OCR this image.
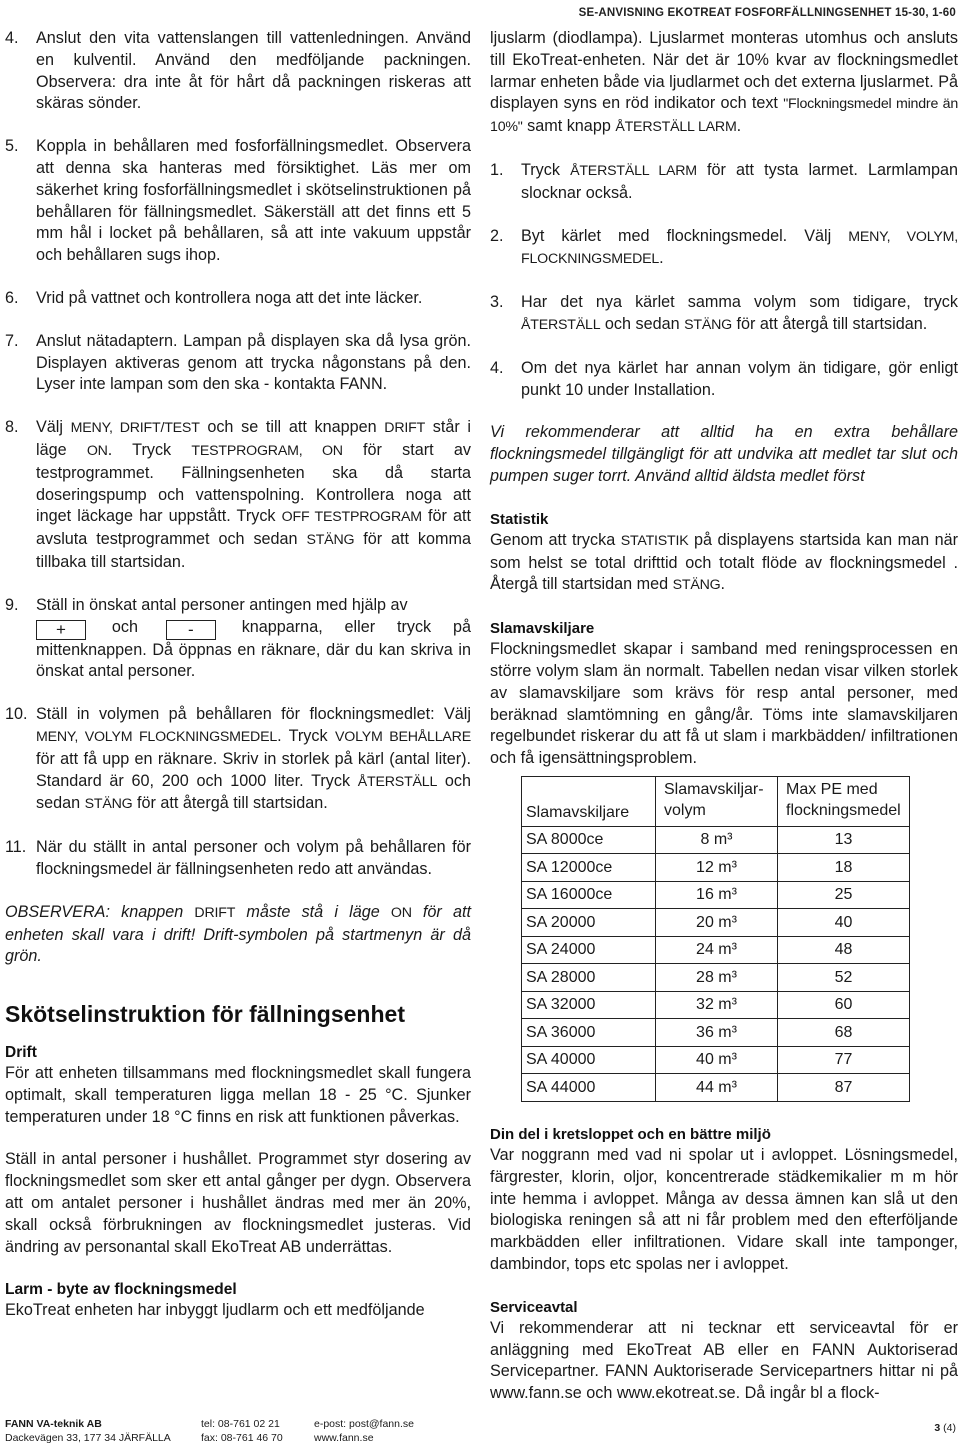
SE-ANVISNING EKOTREAT FOSFORFÄLLNINGSENHET 15-30, 1-60
4. Anslut den vita vattenslangen till vattenledningen. Använd en kulventil. Använd den medföljande packningen. Observera: dra inte åt för hårt då packningen riskeras att skäras sönder.
5. Koppla in behållaren med fosforfällningsmedlet. Observera att denna ska hanteras med försiktighet. Läs mer om säkerhet kring fosforfällningsmedlet i skötselinstruktionen på behållaren för fällningsmedlet. Säkerställ att det finns ett 5 mm hål i locket på behållaren, så att inte vakuum uppstår och behållaren sugs ihop.
6. Vrid på vattnet och kontrollera noga att det inte läcker.
7. Anslut nätadaptern. Lampan på displayen ska då lysa grön. Displayen aktiveras genom att trycka någonstans på den. Lyser inte lampan som den ska - kontakta FANN.
8. Välj MENY, DRIFT/TEST och se till att knappen DRIFT står i läge ON. Tryck TESTPROGRAM, ON för start av testprogrammet. Fällningsenheten ska då starta doseringspump och vattenspolning. Kontrollera noga att inget läckage har uppstått. Tryck OFF TESTPROGRAM för att avsluta testprogrammet och sedan STÄNG för att komma tillbaka till startsidan.
9. Ställ in önskat antal personer antingen med hjälp av
+	och	-	knapparna, eller tryck på mittenknappen. Då öppnas en räknare, där du kan skriva in önskat antal personer.
10. Ställ in volymen på behållaren för flockningsmedlet: Välj MENY, VOLYM FLOCKNINGSMEDEL. Tryck VOLYM BEHÅLLARE för att få upp en räknare. Skriv in storlek på kärl (antal liter). Standard är 60, 200 och 1000 liter. Tryck ÅTERSTÄLL och sedan STÄNG för att återgå till startsidan.
11. När du ställt in antal personer och volym på behållaren för flockningsmedel är fällningsenheten redo att användas.

OBSERVERA: knappen DRIFT måste stå i läge ON för att enheten skall vara i drift! Drift-symbolen på startmenyn är då grön.

Skötselinstruktion för fällningsenhet
Drift

För att enheten tillsammans med flockningsmedlet skall fungera optimalt, skall temperaturen ligga mellan 18 - 25 °C. Sjunker temperaturen under 18 °C finns en risk att funktionen påverkas.

Ställ in antal personer i hushållet. Programmet styr dosering av flockningsmedlet som sker ett antal gånger per dygn. Observera att om antalet personer i hushållet ändras med mer än 20%, skall också förbrukningen av flockningsmedlet justeras. Vid ändring av personantal skall EkoTreat AB underrättas.

Larm - byte av flockningsmedel

EkoTreat enheten har inbyggt ljudlarm och ett medföljande

ljuslarm (diodlampa). Ljuslarmet monteras utomhus och ansluts till EkoTreat-enheten. När det är 10% kvar av flockningsmedlet larmar enheten både via ljudlarmet och det externa ljuslarmet. På displayen syns en röd indikator och text "Flockningsmedel mindre än 10%" samt knapp ÅTERSTÄLL LARM.

1. Tryck ÅTERSTÄLL LARM för att tysta larmet. Larmlampan slocknar också.
2. Byt kärlet med flockningsmedel. Välj MENY, VOLYM, FLOCKNINGSMEDEL.
3. Har det nya kärlet samma volym som tidigare, tryck ÅTERSTÄLL och sedan STÄNG för att återgå till startsidan.
4. Om det nya kärlet har annan volym än tidigare, gör enligt punkt 10 under Installation.

Vi rekommenderar att alltid ha en extra behållare flockningsmedel tillgängligt för att undvika att medlet tar slut och pumpen suger torrt. Använd alltid äldsta medlet först

Statistik

Genom att trycka STATISTIK på displayens startsida kan man när som helst se total drifttid och totalt flöde av flockningsmedel . Återgå till startsidan med STÄNG.

Slamavskiljare

Flockningsmedlet skapar i samband med reningsprocessen en större volym slam än normalt. Tabellen nedan visar vilken storlek av slamavskiljare som krävs för resp antal personer, med beräknad slamtömning en gång/år. Töms inte slamavskiljaren regelbundet riskerar du att få ut slam i markbädden/ infiltrationen och få igensättningsproblem.

Slamavskiljare	Slamavskiljar-volym	Max PE med flockningsmedel
SA 8000ce	8 m³	13
SA 12000ce	12 m³	18
SA 16000ce	16 m³	25
SA 20000	20 m³	40
SA 24000	24 m³	48
SA 28000	28 m³	52
SA 32000	32 m³	60
SA 36000	36 m³	68
SA 40000	40 m³	77
SA 44000	44 m³	87
Din del i kretsloppet och en bättre miljö

Var noggrann med vad ni spolar ut i avloppet. Lösningsmedel, färgrester, klorin, oljor, koncentrerade städkemikalier m m hör inte hemma i avloppet. Många av dessa ämnen kan slå ut den biologiska reningen så att ni får problem med den efterföljande markbädden eller infiltrationen. Vidare skall inte tamponger, dambindor, tops etc spolas ner i avloppet.

Serviceavtal

Vi rekommenderar att ni tecknar ett serviceavtal för er anläggning med EkoTreat AB eller en FANN Auktoriserad Servicepartner. FANN Auktoriserade Servicepartners hittar ni på www.fann.se och www.ekotreat.se. Då ingår bl a flock-

FANN VA-teknik AB
Dackevägen 33, 177 34 JÄRFÄLLA
tel: 08-761 02 21
fax: 08-761 46 70
e-post: post@fann.se
www.fann.se
3 (4)
